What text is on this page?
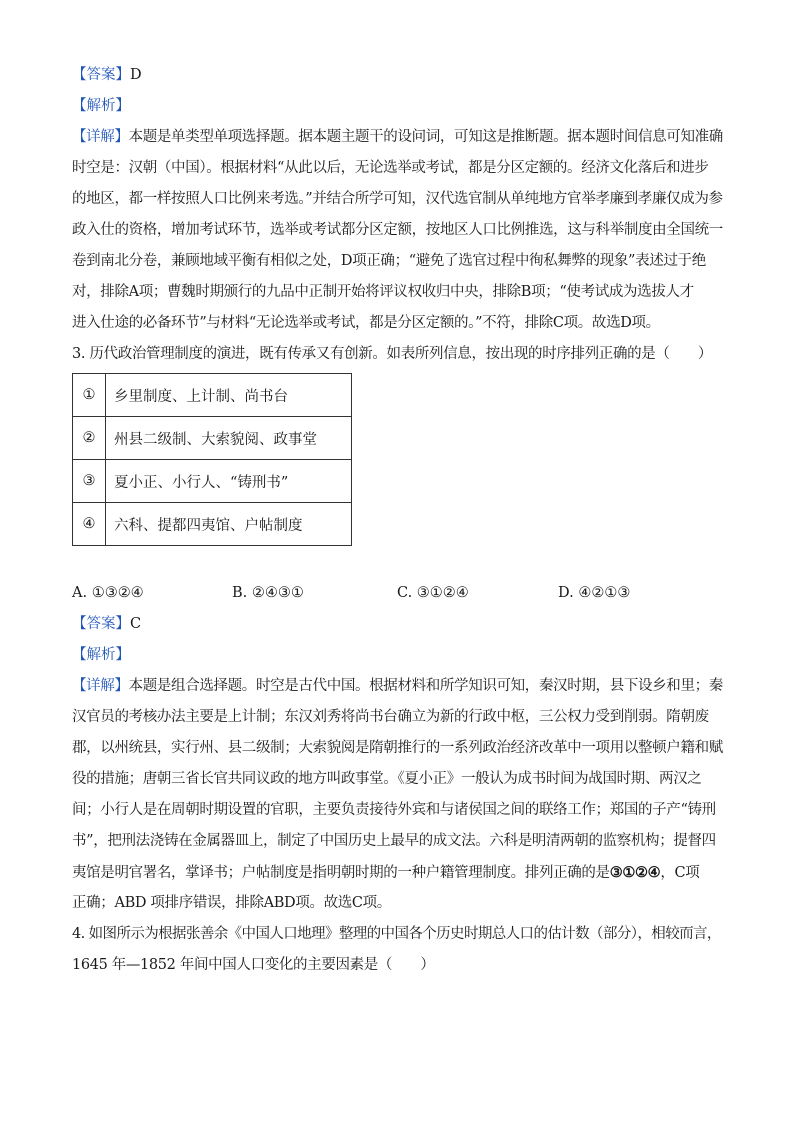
【答案】D
【解析】
【详解】本题是单类型单项选择题。据本题主题干的设问词，可知这是推断题。据本题时间信息可知准确
时空是：汉朝（中国）。根据材料“从此以后，无论选举或考试，都是分区定额的。经济文化落后和进步
的地区，都一样按照人口比例来考选。”并结合所学可知，汉代选官制从单纯地方官举孝廉到孝廉仅成为参
政入仕的资格，增加考试环节，选举或考试都分区定额，按地区人口比例推选，这与科举制度由全国统一
卷到南北分卷，兼顾地域平衡有相似之处，D项正确；“避免了选官过程中徇私舞弊的现象”表述过于绝
对，排除A项；曹魏时期颁行的九品中正制开始将评议权收归中央，排除B项；“使考试成为选拔人才
进入仕途的必备环节”与材料“无论选举或考试，都是分区定额的。”不符，排除C项。故选D项。
3. 历代政治管理制度的演进，既有传承又有创新。如表所列信息，按出现的时序排列正确的是（　　）
①	乡里制度、上计制、尚书台
②	州县二级制、大索貌阅、政事堂
③	夏小正、小行人、“铸刑书”
④	六科、提都四夷馆、户帖制度
A. ①③②④	B. ②④③①	C. ③①②④	D. ④②①③
【答案】C
【解析】
【详解】本题是组合选择题。时空是古代中国。根据材料和所学知识可知，秦汉时期，县下设乡和里；秦
汉官员的考核办法主要是上计制；东汉刘秀将尚书台确立为新的行政中枢，三公权力受到削弱。隋朝废
郡，以州统县，实行州、县二级制；大索貌阅是隋朝推行的一系列政治经济改革中一项用以整顿户籍和赋
役的措施；唐朝三省长官共同议政的地方叫政事堂。《夏小正》一般认为成书时间为战国时期、两汉之
间；小行人是在周朝时期设置的官职，主要负责接待外宾和与诸侯国之间的联络工作；郑国的子产“铸刑
书”，把刑法浇铸在金属器皿上，制定了中国历史上最早的成文法。六科是明清两朝的监察机构；提督四
夷馆是明官署名，掌译书；户帖制度是指明朝时期的一种户籍管理制度。排列正确的是③①②④，C项
正确；ABD 项排序错误，排除ABD项。故选C项。
4. 如图所示为根据张善余《中国人口地理》整理的中国各个历史时期总人口的估计数（部分），相较而言，
1645 年—1852 年间中国人口变化的主要因素是（　　）
